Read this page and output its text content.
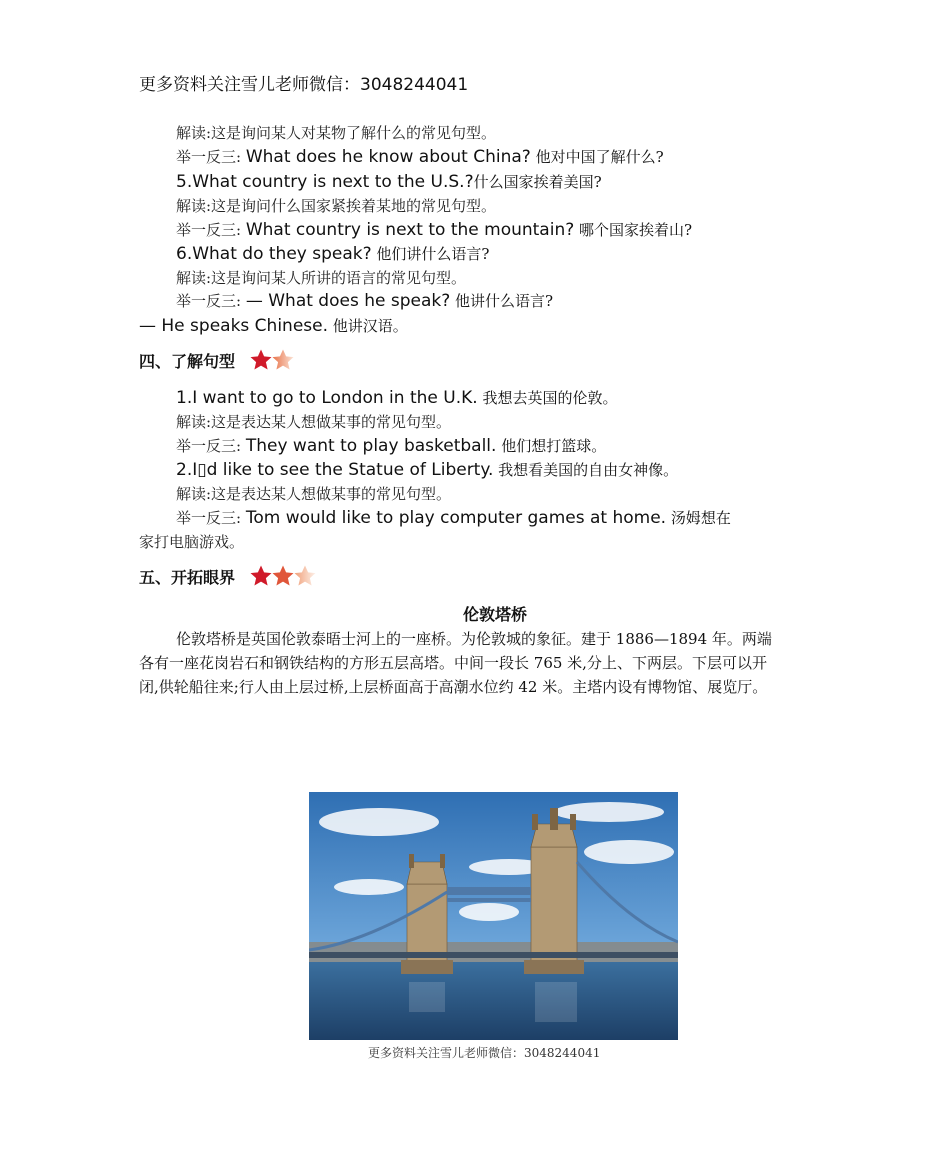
更多资料关注雪儿老师微信：3048244041
解读:这是询问某人对某物了解什么的常见句型。
举一反三: What does he know about China? 他对中国了解什么?
5.What country is next to the U.S.?什么国家挨着美国?
解读:这是询问什么国家紧挨着某地的常见句型。
举一反三: What country is next to the mountain? 哪个国家挨着山?
6.What do they speak? 他们讲什么语言?
解读:这是询问某人所讲的语言的常见句型。
举一反三: — What does he speak? 他讲什么语言?
— He speaks Chinese. 他讲汉语。
四、了解句型
1.I want to go to London in the U.K. 我想去英国的伦敦。
解读:这是表达某人想做某事的常见句型。
举一反三: They want to play basketball. 他们想打篮球。
2.I▯d like to see the Statue of Liberty. 我想看美国的自由女神像。
解读:这是表达某人想做某事的常见句型。
举一反三: Tom would like to play computer games at home. 汤姆想在
家打电脑游戏。
五、开拓眼界
伦敦塔桥
伦敦塔桥是英国伦敦泰晤士河上的一座桥。为伦敦城的象征。建于 1886—1894 年。两端各有一座花岗岩石和钢铁结构的方形五层高塔。中间一段长 765 米,分上、下两层。下层可以开闭,供轮船往来;行人由上层过桥,上层桥面高于高潮水位约 42 米。主塔内设有博物馆、展览厅。
更多资料关注雪儿老师微信：3048244041
